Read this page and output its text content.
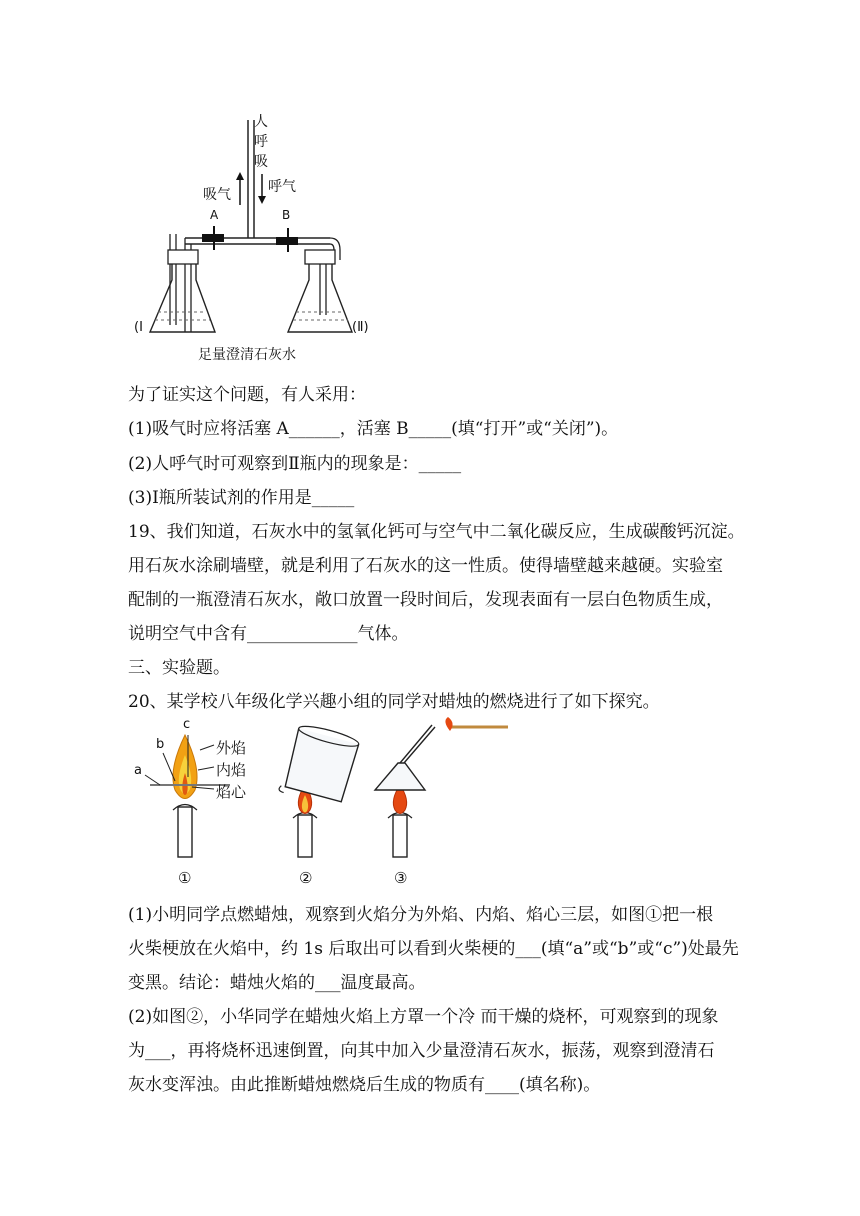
人
呼
吸
吸气	呼气
A	B
(Ⅰ	(Ⅱ)
足量澄清石灰水
为了证实这个问题，有人采用：
(1)吸气时应将活塞 A______，活塞 B_____(填“打开”或“关闭”)。
(2)人呼气时可观察到Ⅱ瓶内的现象是：_____
(3)Ⅰ瓶所装试剂的作用是_____
19、我们知道，石灰水中的氢氧化钙可与空气中二氧化碳反应，生成碳酸钙沉淀。
用石灰水涂刷墙壁，就是利用了石灰水的这一性质。使得墙壁越来越硬。实验室
配制的一瓶澄清石灰水，敞口放置一段时间后，发现表面有一层白色物质生成，
说明空气中含有_____________气体。
三、实验题。
20、某学校八年级化学兴趣小组的同学对蜡烛的燃烧进行了如下探究。
c
b
a
外焰
内焰
焰心
①	②	③
(1)小明同学点燃蜡烛，观察到火焰分为外焰、内焰、焰心三层，如图①把一根
火柴梗放在火焰中，约 1s 后取出可以看到火柴梗的___(填“a”或“b”或“c”)处最先
变黑。结论：蜡烛火焰的___温度最高。
(2)如图②，小华同学在蜡烛火焰上方罩一个冷 而干燥的烧杯，可观察到的现象
为___，再将烧杯迅速倒置，向其中加入少量澄清石灰水，振荡，观察到澄清石
灰水变浑浊。由此推断蜡烛燃烧后生成的物质有____(填名称)。
